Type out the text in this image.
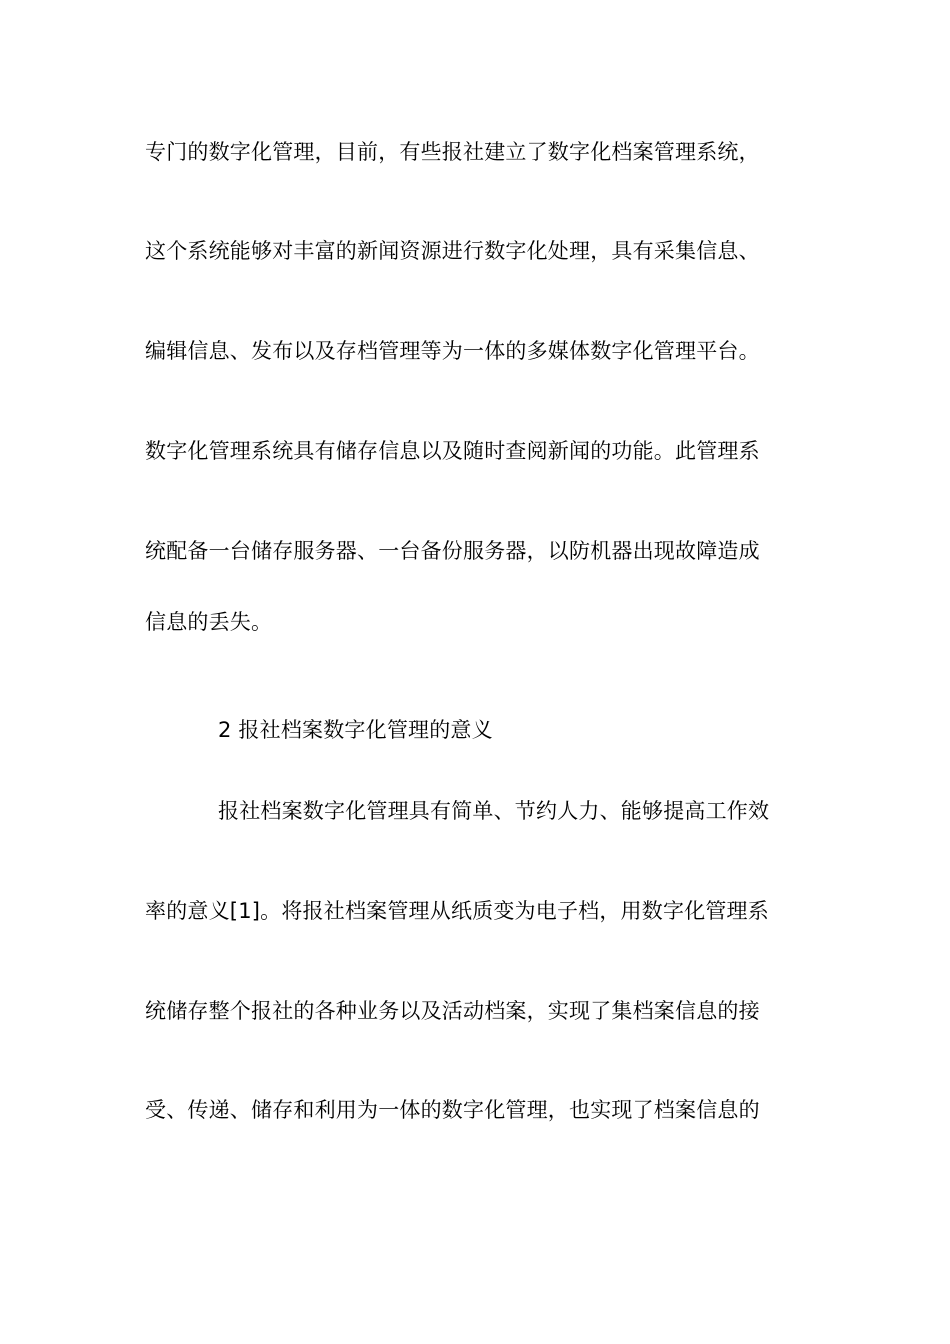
专门的数字化管理，目前，有些报社建立了数字化档案管理系统，
这个系统能够对丰富的新闻资源进行数字化处理，具有采集信息、
编辑信息、发布以及存档管理等为一体的多媒体数字化管理平台。
数字化管理系统具有储存信息以及随时查阅新闻的功能。此管理系
统配备一台储存服务器、一台备份服务器，以防机器出现故障造成
信息的丢失。
2 报社档案数字化管理的意义
报社档案数字化管理具有简单、节约人力、能够提高工作效
率的意义[1]。将报社档案管理从纸质变为电子档，用数字化管理系
统储存整个报社的各种业务以及活动档案，实现了集档案信息的接
受、传递、储存和利用为一体的数字化管理，也实现了档案信息的
